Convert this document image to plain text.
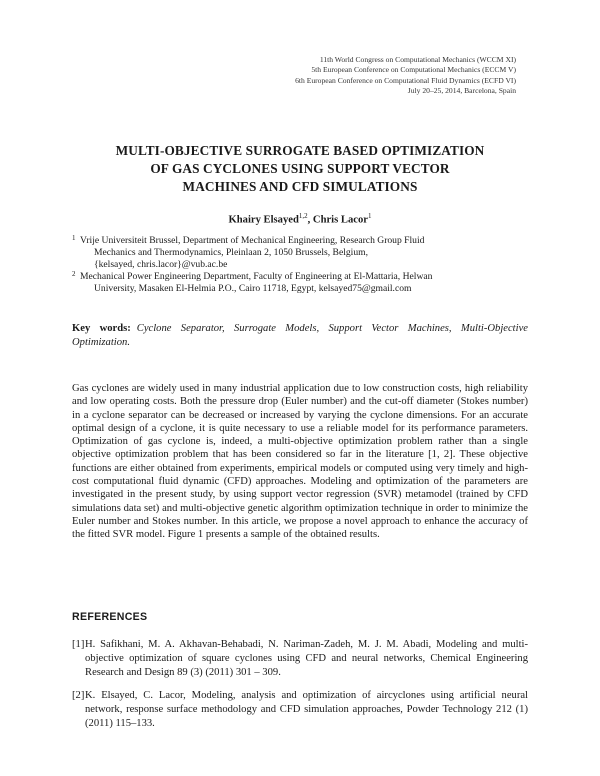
11th World Congress on Computational Mechanics (WCCM XI)
5th European Conference on Computational Mechanics (ECCM V)
6th European Conference on Computational Fluid Dynamics (ECFD VI)
July 20–25, 2014, Barcelona, Spain
MULTI-OBJECTIVE SURROGATE BASED OPTIMIZATION
OF GAS CYCLONES USING SUPPORT VECTOR
MACHINES AND CFD SIMULATIONS
Khairy Elsayed$^{1,2}$, Chris Lacor$^1$
1 Vrije Universiteit Brussel, Department of Mechanical Engineering, Research Group Fluid
Mechanics and Thermodynamics, Pleinlaan 2, 1050 Brussels, Belgium,
{kelsayed, chris.lacor}@vub.ac.be
2 Mechanical Power Engineering Department, Faculty of Engineering at El-Mattaria, Helwan
University, Masaken El-Helmia P.O., Cairo 11718, Egypt, kelsayed75@gmail.com
Key words: Cyclone Separator, Surrogate Models, Support Vector Machines, Multi-Objective Optimization.
Gas cyclones are widely used in many industrial application due to low construction costs, high reliability and low operating costs. Both the pressure drop (Euler number) and the cut-off diameter (Stokes number) in a cyclone separator can be decreased or increased by varying the cyclone dimensions. For an accurate optimal design of a cyclone, it is quite necessary to use a reliable model for its performance parameters. Optimization of gas cyclone is, indeed, a multi-objective optimization problem rather than a single objective optimization problem that has been considered so far in the literature [1, 2]. These objective functions are either obtained from experiments, empirical models or computed using very timely and high-cost computational fluid dynamic (CFD) approaches. Modeling and optimization of the parameters are investigated in the present study, by using support vector regression (SVR) metamodel (trained by CFD simulations data set) and multi-objective genetic algorithm optimization technique in order to minimize the Euler number and Stokes number. In this article, we propose a novel approach to enhance the accuracy of the fitted SVR model. Figure 1 presents a sample of the obtained results.
REFERENCES
[1] H. Safikhani, M. A. Akhavan-Behabadi, N. Nariman-Zadeh, M. J. M. Abadi, Modeling and multi-objective optimization of square cyclones using CFD and neural networks, Chemical Engineering Research and Design 89 (3) (2011) 301 – 309.
[2] K. Elsayed, C. Lacor, Modeling, analysis and optimization of aircyclones using artificial neural network, response surface methodology and CFD simulation approaches, Powder Technology 212 (1) (2011) 115–133.
